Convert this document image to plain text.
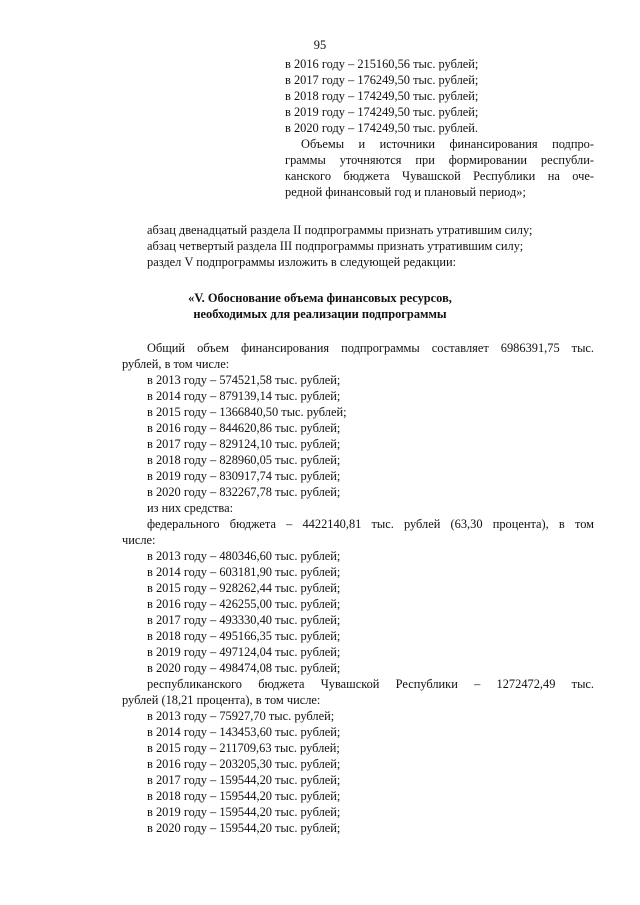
95
в 2016 году – 215160,56 тыс. рублей;
в 2017 году – 176249,50 тыс. рублей;
в 2018 году – 174249,50 тыс. рублей;
в 2019 году – 174249,50 тыс. рублей;
в 2020 году – 174249,50 тыс. рублей.
Объемы и источники финансирования подпро-
граммы уточняются при формировании республи-
канского бюджета Чувашской Республики на оче-
редной финансовый год и плановый период»;
абзац двенадцатый раздела II подпрограммы признать утратившим силу;
абзац четвертый раздела III подпрограммы признать утратившим силу;
раздел V подпрограммы изложить в следующей редакции:
«V. Обоснование объема финансовых ресурсов,
необходимых для реализации подпрограммы
Общий объем финансирования подпрограммы составляет 6986391,75 тыс.
рублей, в том числе:
в 2013 году – 574521,58 тыс. рублей;
в 2014 году – 879139,14 тыс. рублей;
в 2015 году – 1366840,50 тыс. рублей;
в 2016 году – 844620,86 тыс. рублей;
в 2017 году – 829124,10 тыс. рублей;
в 2018 году – 828960,05 тыс. рублей;
в 2019 году – 830917,74 тыс. рублей;
в 2020 году – 832267,78 тыс. рублей;
из них средства:
федерального бюджета – 4422140,81 тыс. рублей (63,30 процента), в том
числе:
в 2013 году – 480346,60 тыс. рублей;
в 2014 году – 603181,90 тыс. рублей;
в 2015 году – 928262,44 тыс. рублей;
в 2016 году – 426255,00 тыс. рублей;
в 2017 году – 493330,40 тыс. рублей;
в 2018 году – 495166,35 тыс. рублей;
в 2019 году – 497124,04 тыс. рублей;
в 2020 году – 498474,08 тыс. рублей;
республиканского бюджета Чувашской Республики – 1272472,49 тыс.
рублей (18,21 процента), в том числе:
в 2013 году – 75927,70 тыс. рублей;
в 2014 году – 143453,60 тыс. рублей;
в 2015 году – 211709,63 тыс. рублей;
в 2016 году – 203205,30 тыс. рублей;
в 2017 году – 159544,20 тыс. рублей;
в 2018 году – 159544,20 тыс. рублей;
в 2019 году – 159544,20 тыс. рублей;
в 2020 году – 159544,20 тыс. рублей;
